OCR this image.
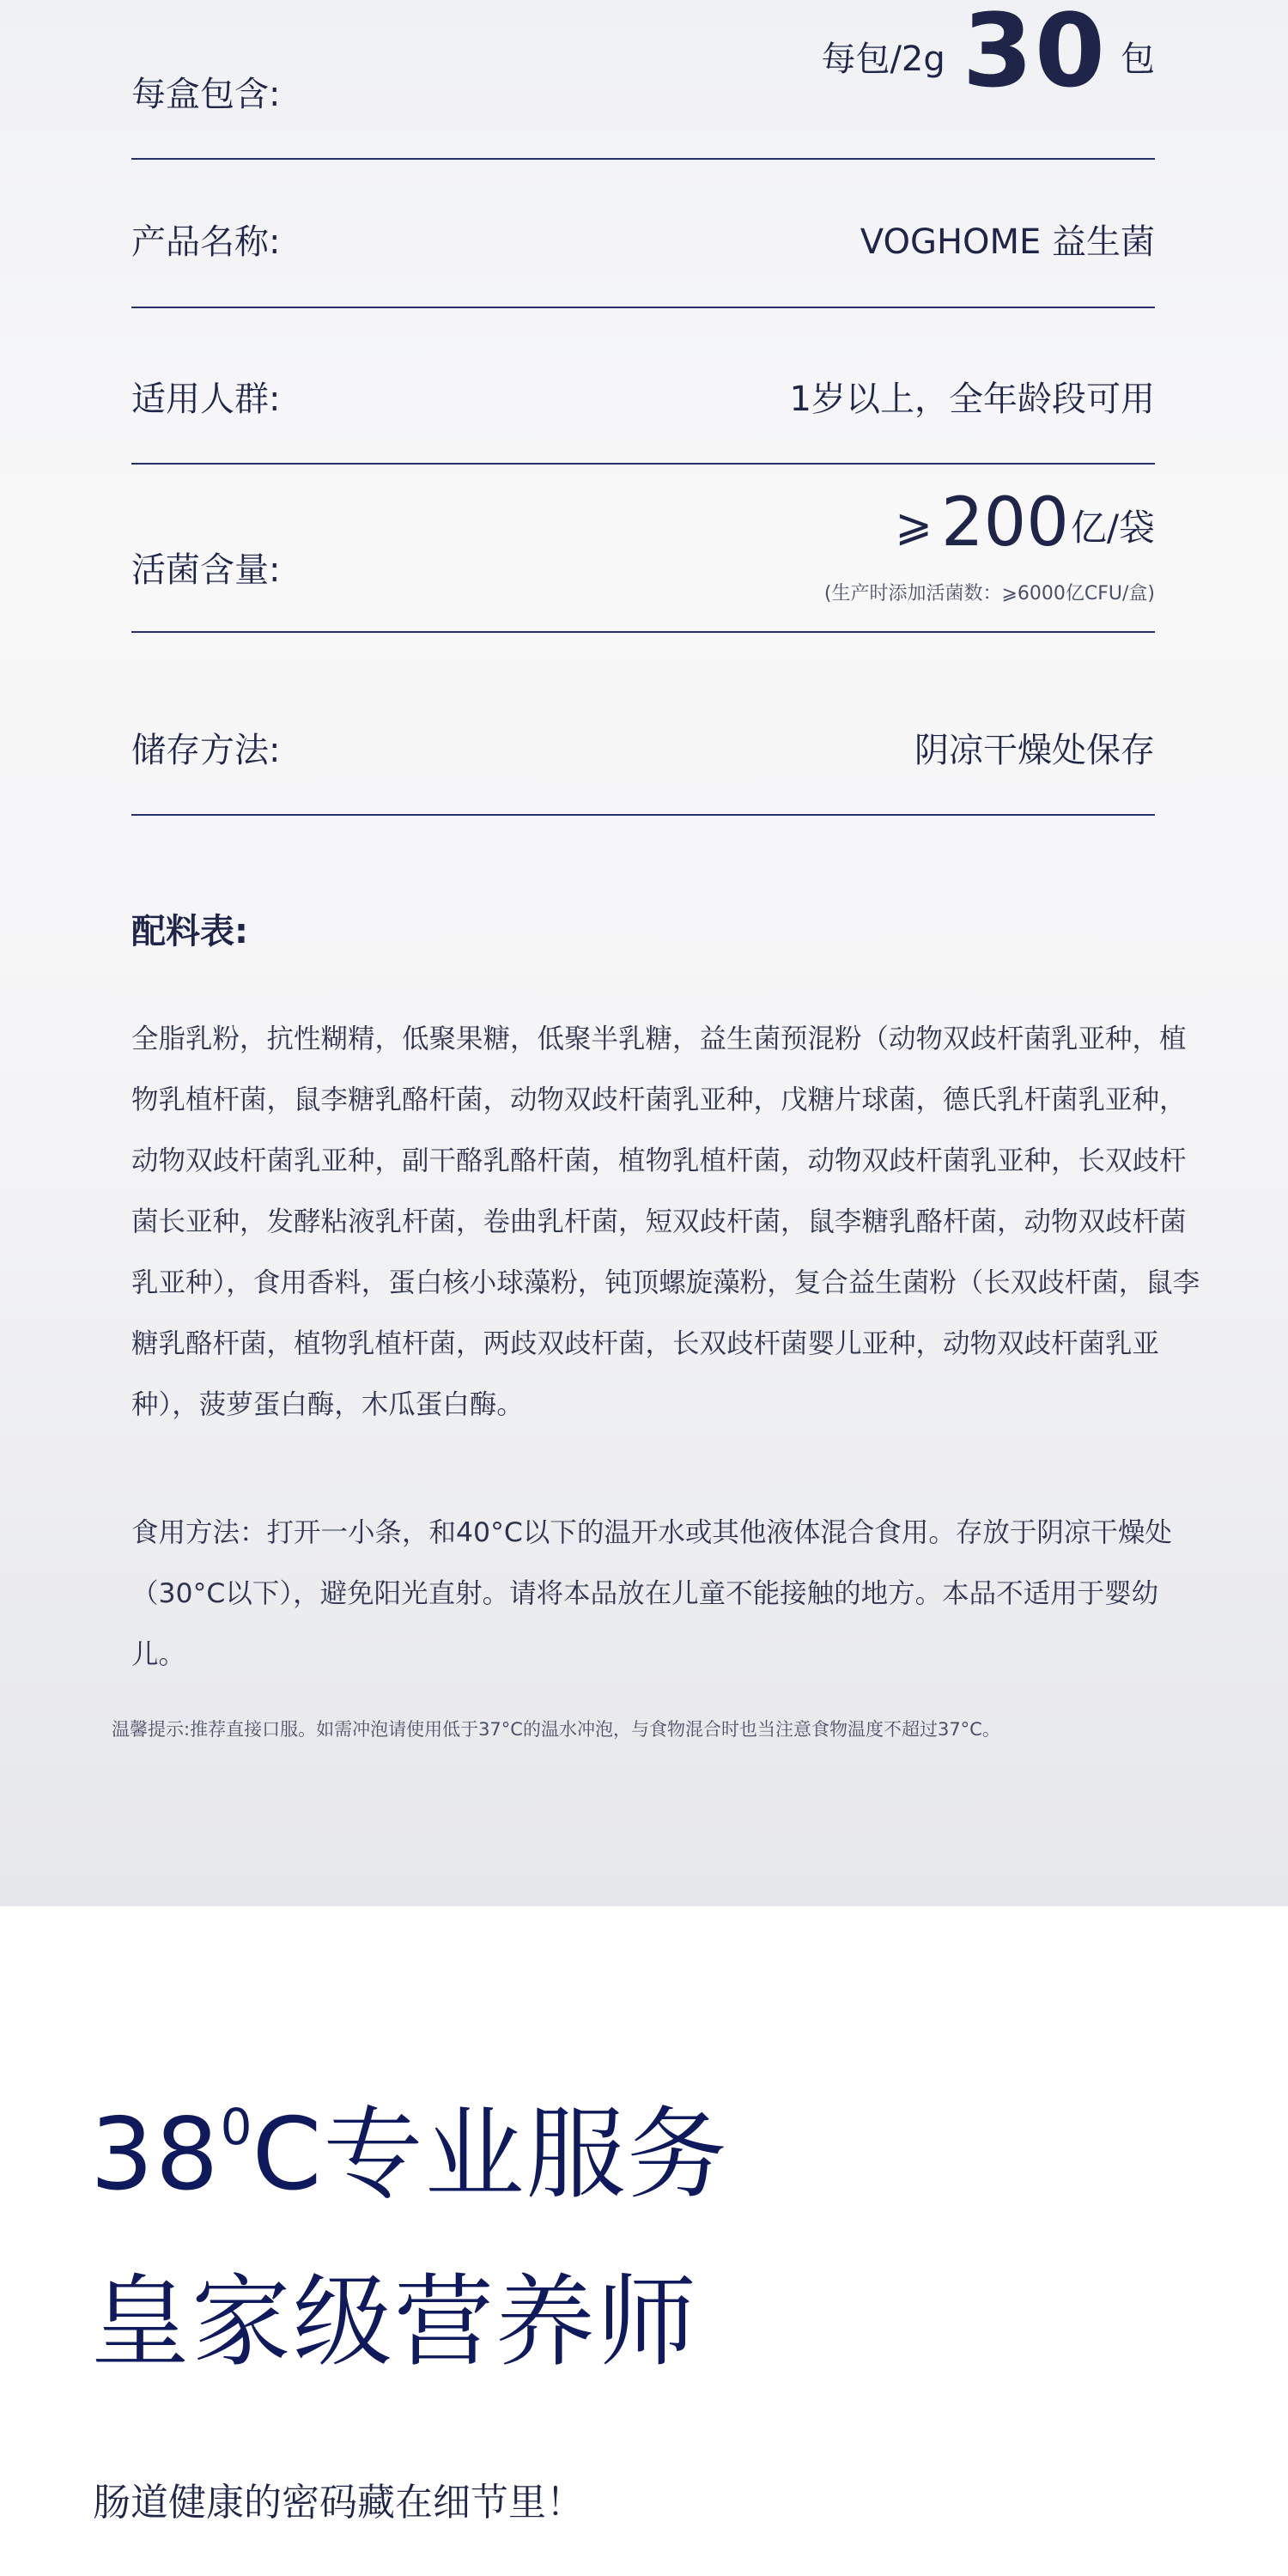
每盒包含:
每包/2g 30 包
产品名称:	VOGHOME 益生菌
适用人群:	1岁以上，全年龄段可用
活菌含量:
⩾ 200亿/袋
(生产时添加活菌数：⩾6000亿CFU/盒)
储存方法:	阴凉干燥处保存
配料表:

全脂乳粉，抗性糊精，低聚果糖，低聚半乳糖，益生菌预混粉（动物双歧杆菌乳亚种，植物乳植杆菌，鼠李糖乳酪杆菌，动物双歧杆菌乳亚种，戊糖片球菌，德氏乳杆菌乳亚种，动物双歧杆菌乳亚种，副干酪乳酪杆菌，植物乳植杆菌，动物双歧杆菌乳亚种，长双歧杆菌长亚种，发酵粘液乳杆菌，卷曲乳杆菌，短双歧杆菌，鼠李糖乳酪杆菌，动物双歧杆菌乳亚种），食用香料，蛋白核小球藻粉，钝顶螺旋藻粉，复合益生菌粉（长双歧杆菌，鼠李糖乳酪杆菌，植物乳植杆菌，两歧双歧杆菌，长双歧杆菌婴儿亚种，动物双歧杆菌乳亚种），菠萝蛋白酶，木瓜蛋白酶。

食用方法：打开一小条，和40°C以下的温开水或其他液体混合食用。存放于阴凉干燥处（30°C以下），避免阳光直射。请将本品放在儿童不能接触的地方。本品不适用于婴幼儿。

温馨提示:推荐直接口服。如需冲泡请使用低于37°C的温水冲泡，与食物混合时也当注意食物温度不超过37°C。

$38^0C$专业服务
皇家级营养师
肠道健康的密码藏在细节里！
